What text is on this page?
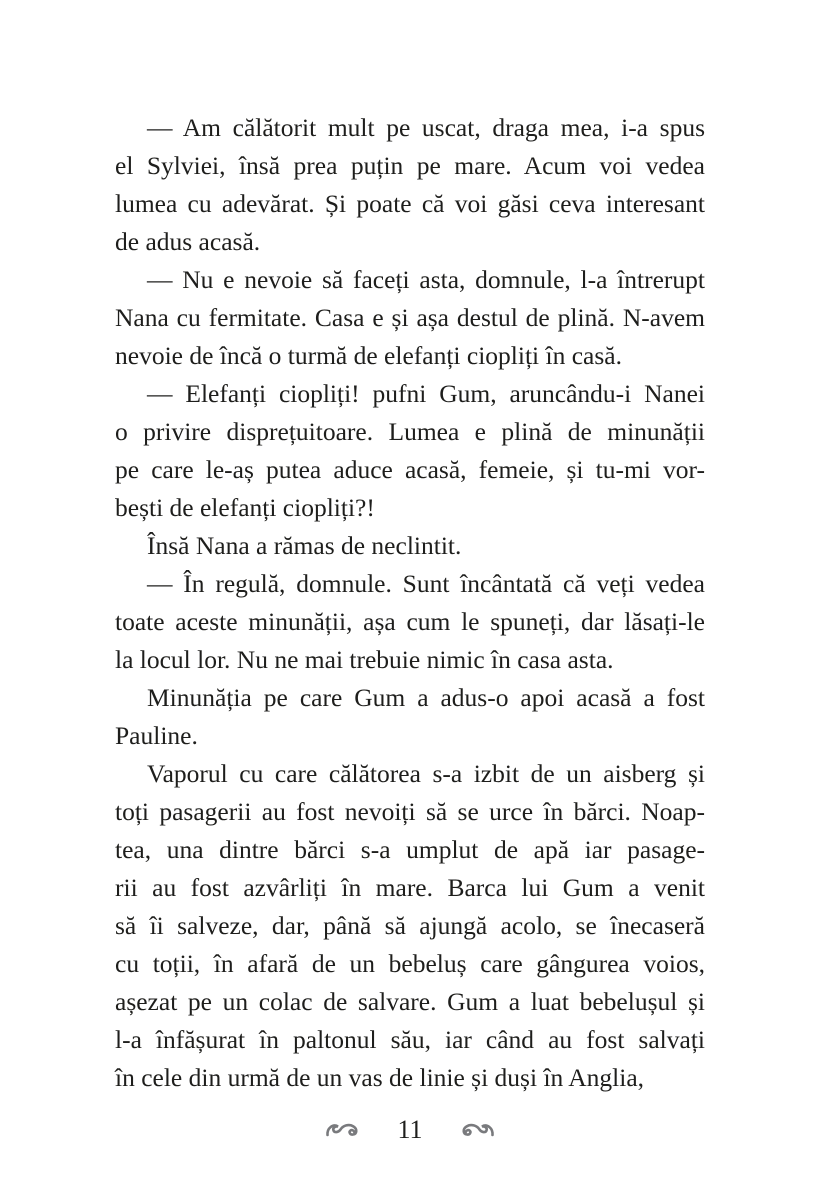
— Am călătorit mult pe uscat, draga mea, i-a spus
el Sylviei, însă prea puțin pe mare. Acum voi vedea
lumea cu adevărat. Și poate că voi găsi ceva interesant
de adus acasă.
— Nu e nevoie să faceți asta, domnule, l-a întrerupt
Nana cu fermitate. Casa e și așa destul de plină. N-avem
nevoie de încă o turmă de elefanți ciopliți în casă.
— Elefanți ciopliți! pufni Gum, aruncându-i Nanei
o privire disprețuitoare. Lumea e plină de minunății
pe care le-aș putea aduce acasă, femeie, și tu-mi vor-
bești de elefanți ciopliți?!
Însă Nana a rămas de neclintit.
— În regulă, domnule. Sunt încântată că veți vedea
toate aceste minunății, așa cum le spuneți, dar lăsați-le
la locul lor. Nu ne mai trebuie nimic în casa asta.
Minunăția pe care Gum a adus-o apoi acasă a fost
Pauline.
Vaporul cu care călătorea s-a izbit de un aisberg și
toți pasagerii au fost nevoiți să se urce în bărci. Noap-
tea, una dintre bărci s-a umplut de apă iar pasage-
rii au fost azvârliți în mare. Barca lui Gum a venit
să îi salveze, dar, până să ajungă acolo, se înecaseră
cu toții, în afară de un bebeluș care gângurea voios,
așezat pe un colac de salvare. Gum a luat bebelușul și
l-a înfășurat în paltonul său, iar când au fost salvați
în cele din urmă de un vas de linie și duși în Anglia,
11
